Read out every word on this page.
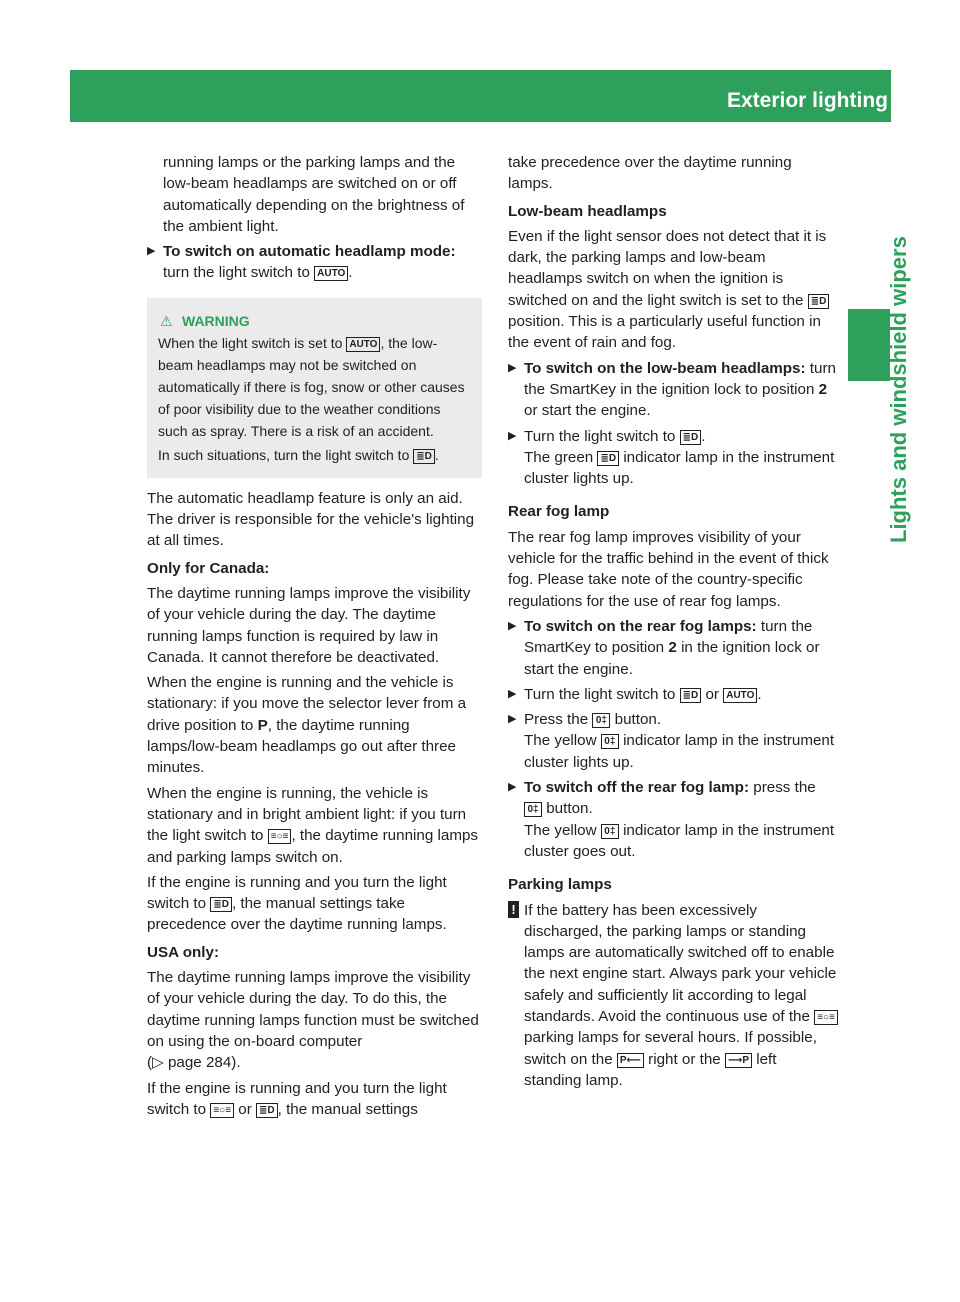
Exterior lighting	131
Lights and windshield wipers

running lamps or the parking lamps and the low-beam headlamps are switched on or off automatically depending on the brightness of the ambient light.

▶ To switch on automatic headlamp mode: turn the light switch to AUTO .
⚠ WARNING
When the light switch is set to AUTO , the low-beam headlamps may not be switched on automatically if there is fog, snow or other causes of poor visibility due to the weather conditions such as spray. There is a risk of an accident.
In such situations, turn the light switch to ≣D .

The automatic headlamp feature is only an aid. The driver is responsible for the vehicle's lighting at all times.

Only for Canada:

The daytime running lamps improve the visibility of your vehicle during the day. The daytime running lamps function is required by law in Canada. It cannot therefore be deactivated.

When the engine is running and the vehicle is stationary: if you move the selector lever from a drive position to P, the daytime running lamps/low-beam headlamps go out after three minutes.

When the engine is running, the vehicle is stationary and in bright ambient light: if you turn the light switch to ≡○≡ , the daytime running lamps and parking lamps switch on.

If the engine is running and you turn the light switch to ≣D , the manual settings take precedence over the daytime running lamps.

USA only:

The daytime running lamps improve the visibility of your vehicle during the day. To do this, the daytime running lamps function must be switched on using the on-board computer

(▷ page 284).

If the engine is running and you turn the light switch to ≡○≡ or ≣D , the manual settings

take precedence over the daytime running lamps.

Low-beam headlamps

Even if the light sensor does not detect that it is dark, the parking lamps and low-beam headlamps switch on when the ignition is switched on and the light switch is set to the ≣D position. This is a particularly useful function in the event of rain and fog.

▶ To switch on the low-beam headlamps: turn the SmartKey in the ignition lock to position 2 or start the engine.
▶ Turn the light switch to ≣D .
The green ≣D indicator lamp in the instrument cluster lights up.

Rear fog lamp

The rear fog lamp improves visibility of your vehicle for the traffic behind in the event of thick fog. Please take note of the country-specific regulations for the use of rear fog lamps.

▶ To switch on the rear fog lamps: turn the SmartKey to position 2 in the ignition lock or start the engine.
▶ Turn the light switch to ≣D or AUTO .
▶ Press the 0‡ button.
The yellow 0‡ indicator lamp in the instrument cluster lights up.
▶ To switch off the rear fog lamp: press the
0‡ button.
The yellow 0‡ indicator lamp in the instrument cluster goes out.

Parking lamps

! If the battery has been excessively discharged, the parking lamps or standing lamps are automatically switched off to enable the next engine start. Always park your vehicle safely and sufficiently lit according to legal standards. Avoid the continuous use of the ≡○≡ parking lamps for several hours. If possible, switch on the P⟵ right or the ⟶P left standing lamp.
